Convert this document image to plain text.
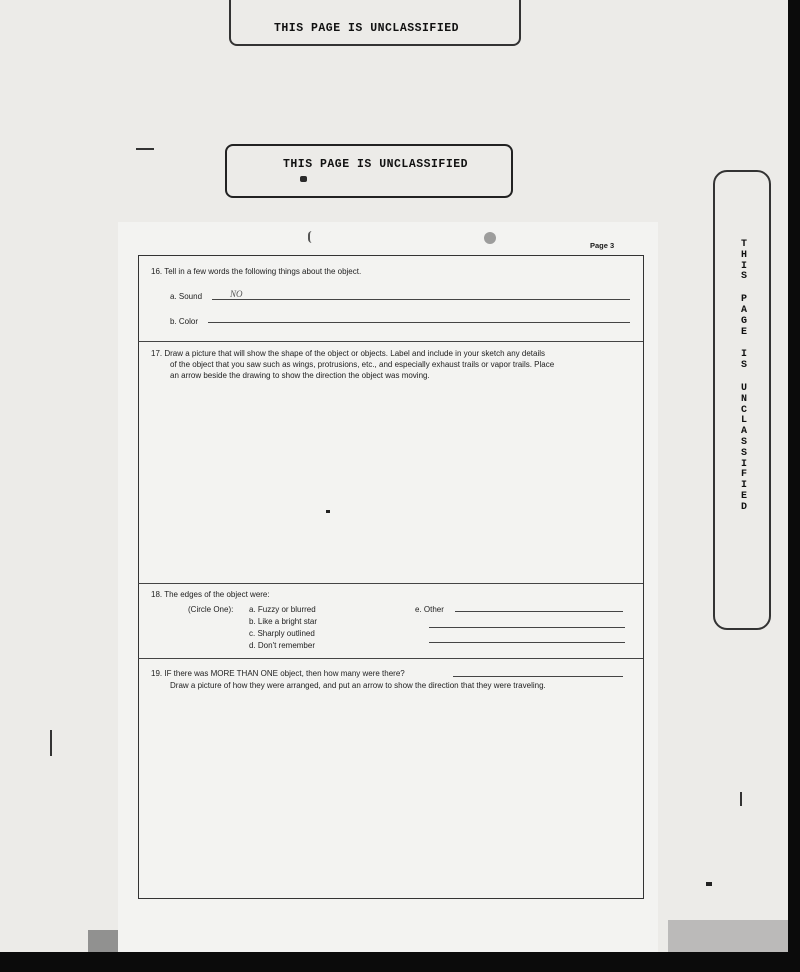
THIS PAGE IS UNCLASSIFIED
THIS PAGE IS UNCLASSIFIED
T
H
I
S
P
A
G
E
I
S
U
N
C
L
A
S
S
I
F
I
E
D
Page 3
16. Tell in a few words the following things about the object.
a. Sound	NO
b. Color
17. Draw a picture that will show the shape of the object or objects. Label and include in your sketch any details
of the object that you saw such as wings, protrusions, etc., and especially exhaust trails or vapor trails. Place
an arrow beside the drawing to show the direction the object was moving.
18. The edges of the object were:
(Circle One): a. Fuzzy or blurred
b. Like a bright star
c. Sharply outlined
d. Don't remember
e. Other
19. IF there was MORE THAN ONE object, then how many were there?
Draw a picture of how they were arranged, and put an arrow to show the direction that they were traveling.
